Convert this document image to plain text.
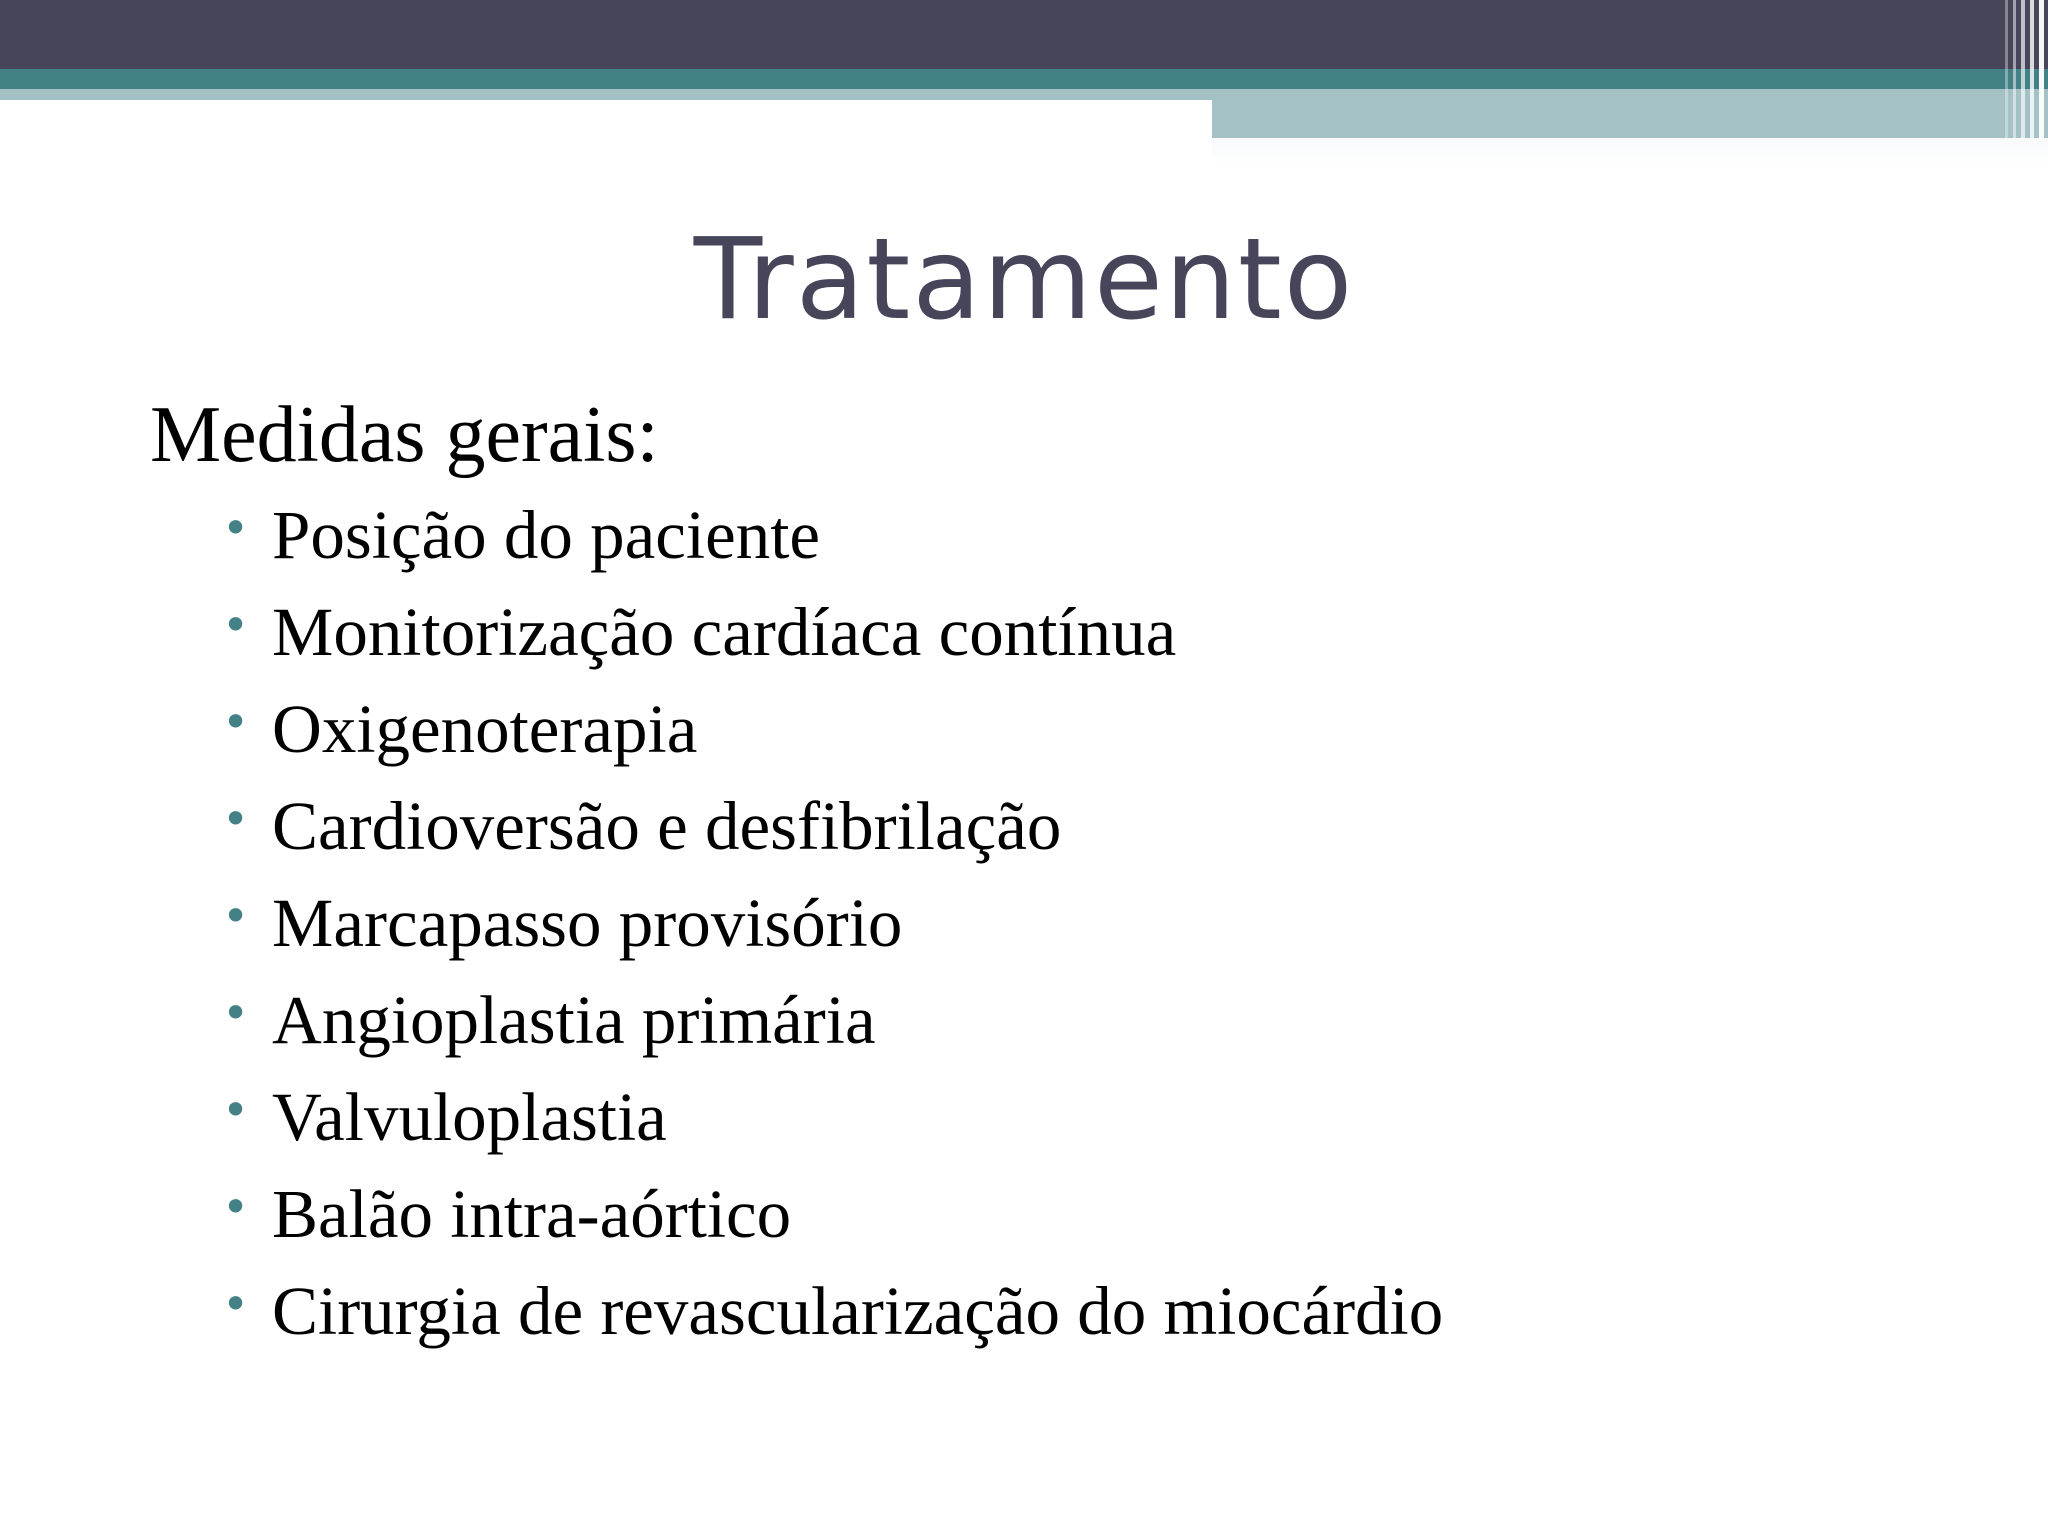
Tratamento
Medidas gerais:
• Posição do paciente
• Monitorização cardíaca contínua
• Oxigenoterapia
• Cardioversão e desfibrilação
• Marcapasso provisório
• Angioplastia primária
• Valvuloplastia
• Balão intra-aórtico
• Cirurgia de revascularização do miocárdio
